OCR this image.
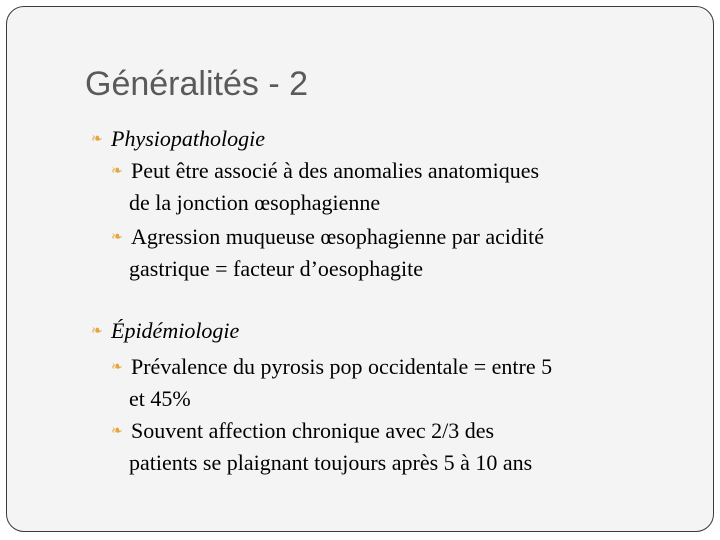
Généralités - 2
❧ Physiopathologie
❧ Peut être associé à des anomalies anatomiques
de la jonction œsophagienne
❧ Agression muqueuse œsophagienne par acidité
gastrique = facteur d’oesophagite
❧ Épidémiologie
❧ Prévalence du pyrosis pop occidentale = entre 5
et 45%
❧ Souvent affection chronique avec 2/3 des
patients se plaignant toujours après 5 à 10 ans
